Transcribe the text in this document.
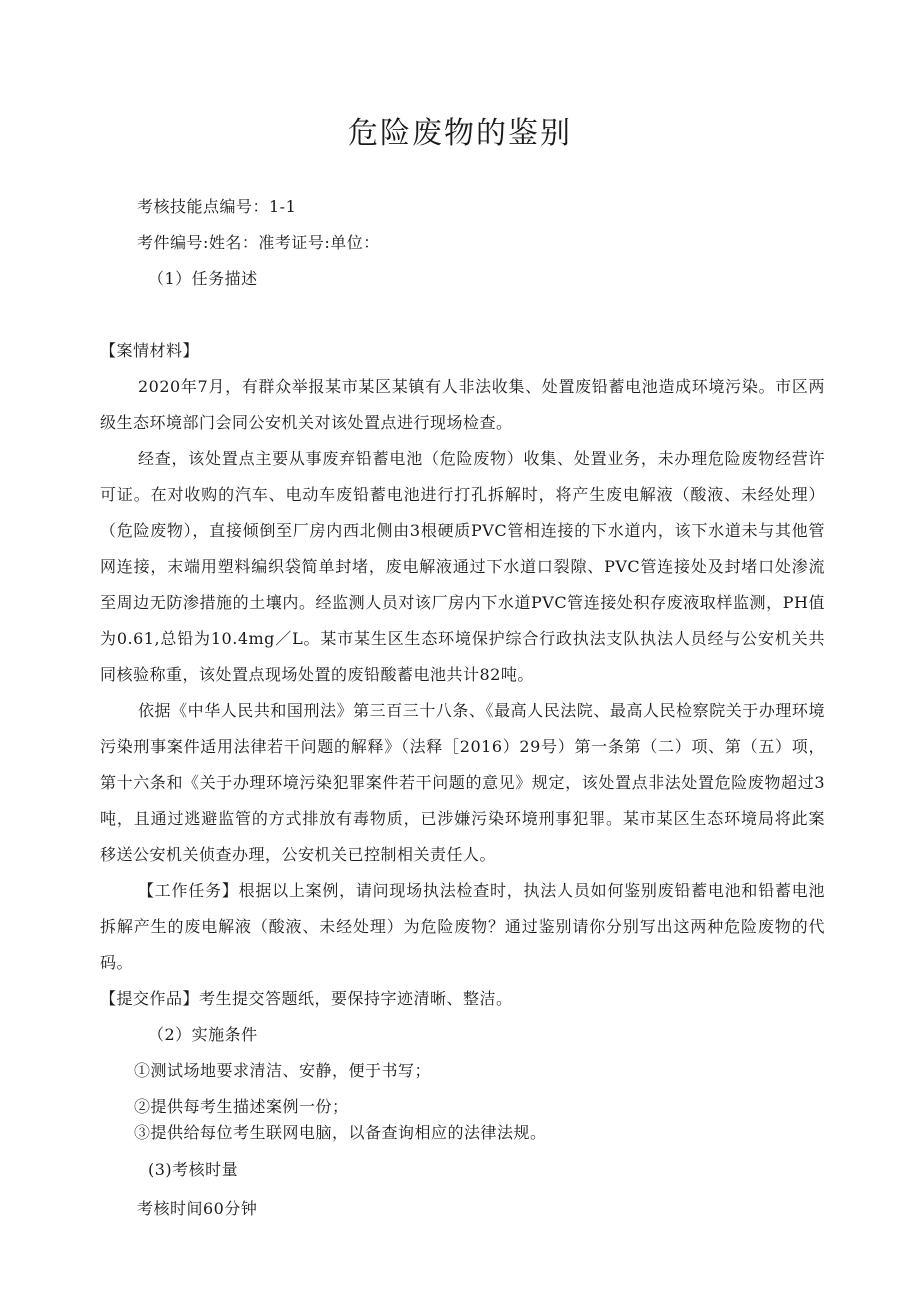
危险废物的鉴别
考核技能点编号：1-1
考件编号:姓名：准考证号:单位：
（1）任务描述
【案情材料】
2020年7月，有群众举报某市某区某镇有人非法收集、处置废铅蓄电池造成环境污染。市区两级生态环境部门会同公安机关对该处置点进行现场检查。
经查，该处置点主要从事废弃铅蓄电池（危险废物）收集、处置业务，未办理危险废物经营许可证。在对收购的汽车、电动车废铅蓄电池进行打孔拆解时，将产生废电解液（酸液、未经处理）（危险废物），直接倾倒至厂房内西北侧由3根硬质PVC管相连接的下水道内，该下水道未与其他管网连接，末端用塑料编织袋简单封堵，废电解液通过下水道口裂隙、PVC管连接处及封堵口处渗流至周边无防渗措施的土壤内。经监测人员对该厂房内下水道PVC管连接处积存废液取样监测，PH值为0.61,总铅为10.4mg／L。某市某生区生态环境保护综合行政执法支队执法人员经与公安机关共同核验称重，该处置点现场处置的废铅酸蓄电池共计82吨。
依据《中华人民共和国刑法》第三百三十八条、《最高人民法院、最高人民检察院关于办理环境污染刑事案件适用法律若干问题的解释》（法释［2016）29号）第一条第（二）项、第（五）项，第十六条和《关于办理环境污染犯罪案件若干问题的意见》规定，该处置点非法处置危险废物超过3吨，且通过逃避监管的方式排放有毒物质，已涉嫌污染环境刑事犯罪。某市某区生态环境局将此案移送公安机关侦查办理，公安机关已控制相关责任人。
【工作任务】根据以上案例，请问现场执法检查时，执法人员如何鉴别废铅蓄电池和铅蓄电池拆解产生的废电解液（酸液、未经处理）为危险废物？通过鉴别请你分别写出这两种危险废物的代码。
【提交作品】考生提交答题纸，要保持字迹清晰、整洁。
（2）实施条件
①测试场地要求清洁、安静，便于书写；
②提供每考生描述案例一份；
③提供给每位考生联网电脑，以备查询相应的法律法规。
(3)考核时量
考核时间60分钟
